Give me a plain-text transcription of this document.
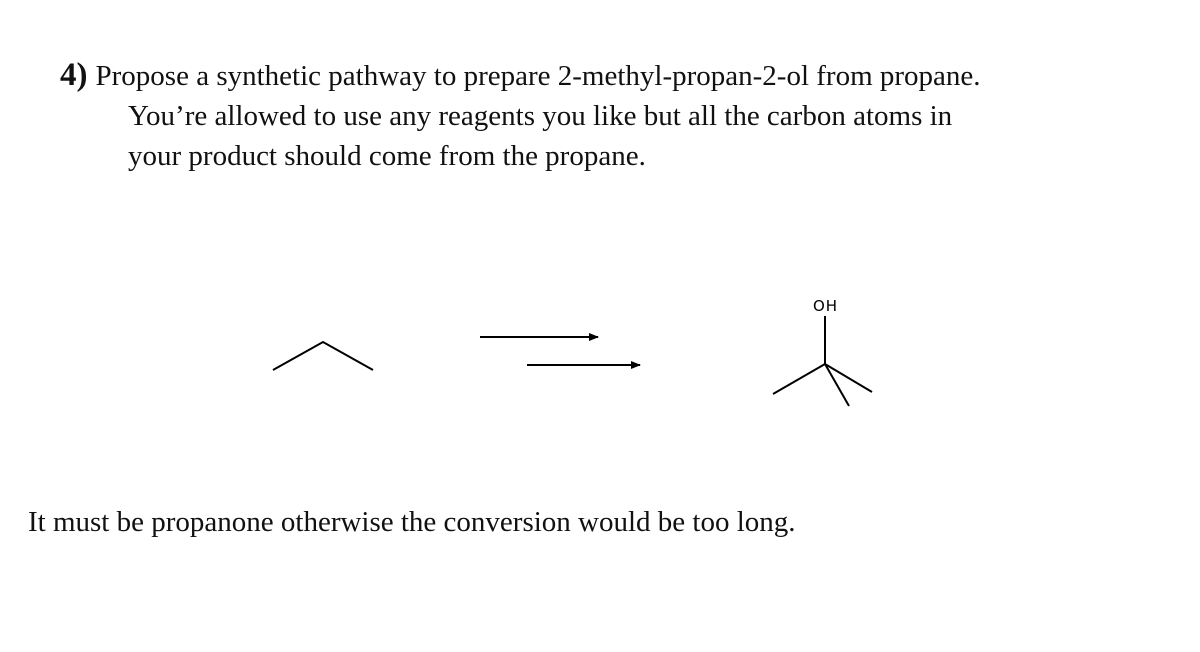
4) Propose a synthetic pathway to prepare 2-methyl-propan-2-ol from propane.
You’re allowed to use any reagents you like but all the carbon atoms in
your product should come from the propane.
OH
It must be propanone otherwise the conversion would be too long.
